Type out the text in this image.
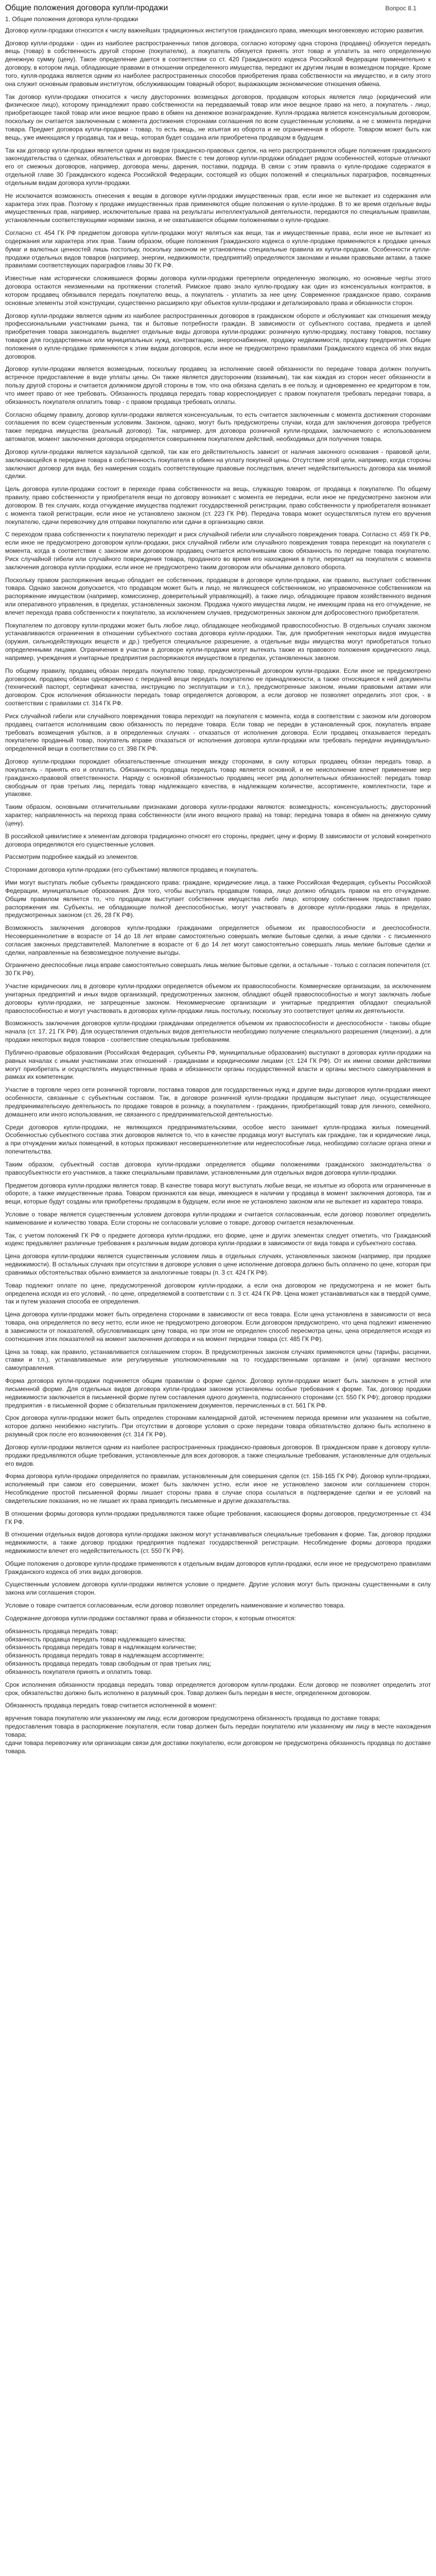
Общие положения договора купли-продажи	Вопрос 8.1
1. Общие положения договора купли-продажи

Договор купли-продажи относится к числу важнейших традиционных институтов гражданского права, имеющих многовековую историю развития.

Договор купли-продажи - один из наиболее распространенных типов договора, согласно которому одна сторона (продавец) обязуется передать вещь (товар) в собственность другой стороне (покупателю), а покупатель обязуется принять этот товар и уплатить за него определенную денежную сумму (цену). Такое определение дается в соответствии со ст. 420 Гражданского кодекса Российской Федерации применительно к договору, в котором лица, обладающие правами в отношении определенного имущества, передают их другим лицам в возмездном порядке. Кроме того, купля-продажа является одним из наиболее распространенных способов приобретения права собственности на имущество, и в силу этого она служит основным правовым институтом, обслуживающим товарный оборот, выражающим экономические отношения обмена.

Так договор купли-продажи относится к числу двусторонних возмездных договоров, продавцом которых является лицо (юридический или физическое лицо), которому принадлежит право собственности на передаваемый товар или иное вещное право на него, а покупатель - лицо, приобретающее такой товар или иное вещное право в обмен на денежное вознаграждение. Купля-продажа является консенсуальным договором, поскольку он считается заключенным с момента достижения сторонами соглашения по всем существенным условиям, а не с момента передачи товара. Предмет договора купли-продажи - товар, то есть вещь, не изъятая из оборота и не ограниченная в обороте. Товаром может быть как вещь, уже имеющаяся у продавца, так и вещь, которая будет создана или приобретена продавцом в будущем.

Так как договор купли-продажи является одним из видов гражданско-правовых сделок, на него распространяются общие положения гражданского законодательства о сделках, обязательствах и договорах. Вместе с тем договор купли-продажи обладает рядом особенностей, которые отличают его от смежных договоров, например, договора мены, дарения, поставки, подряда. В связи с этим правила о купле-продаже содержатся в отдельной главе 30 Гражданского кодекса Российской Федерации, состоящей из общих положений и специальных параграфов, посвященных отдельным видам договора купли-продажи.

Не исключается возможность отнесения к вещам в договоре купли-продажи имущественных прав, если иное не вытекает из содержания или характера этих прав. Поэтому к продаже имущественных прав применяются общие положения о купле-продаже. В то же время отдельные виды имущественных прав, например, исключительные права на результаты интеллектуальной деятельности, передаются по специальным правилам, установленным соответствующими нормами закона, и не охватываются общими положениями о купле-продаже.

Согласно ст. 454 ГК РФ предметом договора купли-продажи могут являться как вещи, так и имущественные права, если иное не вытекает из содержания или характера этих прав. Таким образом, общие положения Гражданского кодекса о купле-продаже применяются к продаже ценных бумаг и валютных ценностей лишь постольку, поскольку законом не установлены специальные правила их купли-продажи. Особенности купли-продажи отдельных видов товаров (например, энергии, недвижимости, предприятий) определяются законами и иными правовыми актами, а также правилами соответствующих параграфов главы 30 ГК РФ.

Известные нам исторически сложившиеся формы договора купли-продажи претерпели определенную эволюцию, но основные черты этого договора остаются неизменными на протяжении столетий. Римское право знало куплю-продажу как один из консенсуальных контрактов, в котором продавец обязывался передать покупателю вещь, а покупатель - уплатить за нее цену. Современное гражданское право, сохранив основные элементы этой конструкции, существенно расширило круг объектов купли-продажи и детализировало права и обязанности сторон.

Договор купли-продажи является одним из наиболее распространенных договоров в гражданском обороте и обслуживает как отношения между профессиональными участниками рынка, так и бытовые потребности граждан. В зависимости от субъектного состава, предмета и целей приобретения товара законодатель выделяет отдельные виды договора купли-продажи: розничную куплю-продажу, поставку товаров, поставку товаров для государственных или муниципальных нужд, контрактацию, энергоснабжение, продажу недвижимости, продажу предприятия. Общие положения о купле-продаже применяются к этим видам договоров, если иное не предусмотрено правилами Гражданского кодекса об этих видах договоров.

Договор купли-продажи является возмездным, поскольку продавец за исполнение своей обязанности по передаче товара должен получить встречное предоставление в виде уплаты цены. Он также является двусторонним (взаимным), так как каждая из сторон несет обязанности в пользу другой стороны и считается должником другой стороны в том, что она обязана сделать в ее пользу, и одновременно ее кредитором в том, что имеет право от нее требовать. Обязанность продавца передать товар корреспондирует с правом покупателя требовать передачи товара, а обязанность покупателя оплатить товар - с правом продавца требовать оплаты.

Согласно общему правилу, договор купли-продажи является консенсуальным, то есть считается заключенным с момента достижения сторонами соглашения по всем существенным условиям. Законом, однако, могут быть предусмотрены случаи, когда для заключения договора требуется также передача имущества (реальный договор). Так, например, для договора розничной купли-продажи, заключаемого с использованием автоматов, момент заключения договора определяется совершением покупателем действий, необходимых для получения товара.

Договор купли-продажи является каузальной сделкой, так как его действительность зависит от наличия законного основания - правовой цели, заключающейся в передаче товара в собственность покупателя в обмен на уплату покупной цены. Отсутствие этой цели, например, когда стороны заключают договор для вида, без намерения создать соответствующие правовые последствия, влечет недействительность договора как мнимой сделки.

Цель договора купли-продажи состоит в переходе права собственности на вещь, служащую товаром, от продавца к покупателю. По общему правилу, право собственности у приобретателя вещи по договору возникает с момента ее передачи, если иное не предусмотрено законом или договором. В тех случаях, когда отчуждение имущества подлежит государственной регистрации, право собственности у приобретателя возникает с момента такой регистрации, если иное не установлено законом (ст. 223 ГК РФ). Передача товара может осуществляться путем его вручения покупателю, сдачи перевозчику для отправки покупателю или сдачи в организацию связи.

С переходом права собственности к покупателю переходит и риск случайной гибели или случайного повреждения товара. Согласно ст. 459 ГК РФ, если иное не предусмотрено договором купли-продажи, риск случайной гибели или случайного повреждения товара переходит на покупателя с момента, когда в соответствии с законом или договором продавец считается исполнившим свою обязанность по передаче товара покупателю. Риск случайной гибели или случайного повреждения товара, проданного во время его нахождения в пути, переходит на покупателя с момента заключения договора купли-продажи, если иное не предусмотрено таким договором или обычаями делового оборота.

Поскольку правом распоряжения вещью обладает ее собственник, продавцом в договоре купли-продажи, как правило, выступает собственник товара. Однако законом допускается, что продавцом может быть и лицо, не являющееся собственником, но управомоченное собственником на распоряжение имуществом (например, комиссионер, доверительный управляющий), а также лицо, обладающее правом хозяйственного ведения или оперативного управления, в пределах, установленных законом. Продажа чужого имущества лицом, не имеющим права на его отчуждение, не влечет перехода права собственности к покупателю, за исключением случаев, предусмотренных законом для добросовестного приобретателя.

Покупателем по договору купли-продажи может быть любое лицо, обладающее необходимой правоспособностью. В отдельных случаях законом устанавливаются ограничения в отношении субъектного состава договора купли-продажи. Так, для приобретения некоторых видов имущества (оружия, сильнодействующих веществ и др.) требуется специальное разрешение, а отдельные виды имущества могут приобретаться только определенными лицами. Ограничения в участии в договоре купли-продажи могут вытекать также из правового положения юридического лица, например, учреждения и унитарные предприятия распоряжаются имуществом в пределах, установленных законом.

По общему правилу, продавец обязан передать покупателю товар, предусмотренный договором купли-продажи. Если иное не предусмотрено договором, продавец обязан одновременно с передачей вещи передать покупателю ее принадлежности, а также относящиеся к ней документы (технический паспорт, сертификат качества, инструкцию по эксплуатации и т.п.), предусмотренные законом, иными правовыми актами или договором. Срок исполнения обязанности передать товар определяется договором, а если договор не позволяет определить этот срок, - в соответствии с правилами ст. 314 ГК РФ.

Риск случайной гибели или случайного повреждения товара переходит на покупателя с момента, когда в соответствии с законом или договором продавец считается исполнившим свою обязанность по передаче товара. Если товар не передан в установленный срок, покупатель вправе требовать возмещения убытков, а в определенных случаях - отказаться от исполнения договора. Если продавец отказывается передать покупателю проданный товар, покупатель вправе отказаться от исполнения договора купли-продажи или требовать передачи индивидуально-определенной вещи в соответствии со ст. 398 ГК РФ.

Договор купли-продажи порождает обязательственные отношения между сторонами, в силу которых продавец обязан передать товар, а покупатель - принять его и оплатить. Обязанность продавца передать товар является основной, и ее неисполнение влечет применение мер гражданско-правовой ответственности. Наряду с основной обязанностью продавец несет ряд дополнительных обязанностей: передать товар свободным от прав третьих лиц, передать товар надлежащего качества, в надлежащем количестве, ассортименте, комплектности, таре и упаковке.

Таким образом, основными отличительными признаками договора купли-продажи являются: возмездность; консенсуальность; двусторонний характер; направленность на переход права собственности (или иного вещного права) на товар; передача товара в обмен на денежную сумму (цену).

В российской цивилистике к элементам договора традиционно относят его стороны, предмет, цену и форму. В зависимости от условий конкретного договора определяются его существенные условия.

Рассмотрим подробнее каждый из элементов.

Сторонами договора купли-продажи (его субъектами) являются продавец и покупатель.

Ими могут выступать любые субъекты гражданского права: граждане, юридические лица, а также Российская Федерация, субъекты Российской Федерации, муниципальные образования. Для того, чтобы выступать продавцом товара, лицо должно обладать правом на его отчуждение. Общим правилом является то, что продавцом выступает собственник имущества либо лицо, которому собственник предоставил право распоряжения им. Субъекты, не обладающие полной дееспособностью, могут участвовать в договоре купли-продажи лишь в пределах, предусмотренных законом (ст. 26, 28 ГК РФ).

Возможность заключения договоров купли-продажи гражданами определяется объемом их правоспособности и дееспособности. Несовершеннолетние в возрасте от 14 до 18 лет вправе самостоятельно совершать мелкие бытовые сделки, а иные сделки - с письменного согласия законных представителей. Малолетние в возрасте от 6 до 14 лет могут самостоятельно совершать лишь мелкие бытовые сделки и сделки, направленные на безвозмездное получение выгоды.

Ограничено дееспособные лица вправе самостоятельно совершать лишь мелкие бытовые сделки, а остальные - только с согласия попечителя (ст. 30 ГК РФ).

Участие юридических лиц в договоре купли-продажи определяется объемом их правоспособности. Коммерческие организации, за исключением унитарных предприятий и иных видов организаций, предусмотренных законом, обладают общей правоспособностью и могут заключать любые договоры купли-продажи, не запрещенные законом. Некоммерческие организации и унитарные предприятия обладают специальной правоспособностью и могут участвовать в договорах купли-продажи лишь постольку, поскольку это соответствует целям их деятельности.

Возможность заключения договоров купли-продажи гражданами определяется объемом их правоспособности и дееспособности - таковы общие начала (ст. 17, 21 ГК РФ). Для осуществления отдельных видов деятельности необходимо получение специального разрешения (лицензии), а для продажи некоторых видов товаров - соответствие специальным требованиям.

Публично-правовые образования (Российская Федерация, субъекты РФ, муниципальные образования) выступают в договорах купли-продажи на равных началах с иными участниками этих отношений - гражданами и юридическими лицами (ст. 124 ГК РФ). От их имени своими действиями могут приобретать и осуществлять имущественные права и обязанности органы государственной власти и органы местного самоуправления в рамках их компетенции.

Участие в торговле через сети розничной торговли, поставка товаров для государственных нужд и другие виды договоров купли-продажи имеют особенности, связанные с субъектным составом. Так, в договоре розничной купли-продажи продавцом выступает лицо, осуществляющее предпринимательскую деятельность по продаже товаров в розницу, а покупателем - гражданин, приобретающий товар для личного, семейного, домашнего или иного использования, не связанного с предпринимательской деятельностью.

Среди договоров купли-продажи, не являющихся предпринимательскими, особое место занимает купля-продажа жилых помещений. Особенностью субъектного состава этих договоров является то, что в качестве продавца могут выступать как граждане, так и юридические лица, а при отчуждении жилых помещений, в которых проживают несовершеннолетние или недееспособные лица, необходимо согласие органа опеки и попечительства.

Таким образом, субъектный состав договора купли-продажи определяется общими положениями гражданского законодательства о правосубъектности его участников, а также специальными правилами, установленными для отдельных видов договора купли-продажи.

Предметом договора купли-продажи является товар. В качестве товара могут выступать любые вещи, не изъятые из оборота или ограниченные в обороте, а также имущественные права. Товаром признаются как вещи, имеющиеся в наличии у продавца в момент заключения договора, так и вещи, которые будут созданы или приобретены продавцом в будущем, если иное не установлено законом или не вытекает из характера товара.

Условие о товаре является существенным условием договора купли-продажи и считается согласованным, если договор позволяет определить наименование и количество товара. Если стороны не согласовали условие о товаре, договор считается незаключенным.

Так, с учетом положений ГК РФ о предмете договора купли-продажи, его форме, цене и других элементах следует отметить, что Гражданский кодекс предъявляет различные требования к различным видам договора купли-продажи в зависимости от вида товара и субъектного состава.

Цена договора купли-продажи является существенным условием лишь в отдельных случаях, установленных законом (например, при продаже недвижимости). В остальных случаях при отсутствии в договоре условия о цене исполнение договора должно быть оплачено по цене, которая при сравнимых обстоятельствах обычно взимается за аналогичные товары (п. 3 ст. 424 ГК РФ).

Товар подлежит оплате по цене, предусмотренной договором купли-продажи, а если она договором не предусмотрена и не может быть определена исходя из его условий, - по цене, определяемой в соответствии с п. 3 ст. 424 ГК РФ. Цена может устанавливаться как в твердой сумме, так и путем указания способа ее определения.

Цена договора купли-продажи может быть определена сторонами в зависимости от веса товара. Если цена установлена в зависимости от веса товара, она определяется по весу нетто, если иное не предусмотрено договором. Если договором предусмотрено, что цена подлежит изменению в зависимости от показателей, обусловливающих цену товара, но при этом не определен способ пересмотра цены, цена определяется исходя из соотношения этих показателей на момент заключения договора и на момент передачи товара (ст. 485 ГК РФ).

Цена за товар, как правило, устанавливается соглашением сторон. В предусмотренных законом случаях применяются цены (тарифы, расценки, ставки и т.п.), устанавливаемые или регулируемые уполномоченными на то государственными органами и (или) органами местного самоуправления.

Форма договора купли-продажи подчиняется общим правилам о форме сделок. Договор купли-продажи может быть заключен в устной или письменной форме. Для отдельных видов договора купли-продажи законом установлены особые требования к форме. Так, договор продажи недвижимости заключается в письменной форме путем составления одного документа, подписанного сторонами (ст. 550 ГК РФ); договор продажи предприятия - в письменной форме с обязательным приложением документов, перечисленных в ст. 561 ГК РФ.

Срок договора купли-продажи может быть определен сторонами календарной датой, истечением периода времени или указанием на событие, которое должно неизбежно наступить. При отсутствии в договоре условия о сроке передачи товара обязательство должно быть исполнено в разумный срок после его возникновения (ст. 314 ГК РФ).

Договор купли-продажи является одним из наиболее распространенных гражданско-правовых договоров. В гражданском праве к договору купли-продажи предъявляются общие требования, установленные для всех договоров, а также специальные требования, установленные для отдельных его видов.

Форма договора купли-продажи определяется по правилам, установленным для совершения сделок (ст. 158-165 ГК РФ). Договор купли-продажи, исполняемый при самом его совершении, может быть заключен устно, если иное не установлено законом или соглашением сторон. Несоблюдение простой письменной формы лишает стороны права в случае спора ссылаться в подтверждение сделки и ее условий на свидетельские показания, но не лишает их права приводить письменные и другие доказательства.

В отношении формы договора купли-продажи предъявляются также общие требования, касающиеся формы договоров, предусмотренные ст. 434 ГК РФ.

В отношении отдельных видов договора купли-продажи законом могут устанавливаться специальные требования к форме. Так, договор продажи недвижимости, а также договор продажи предприятия подлежат государственной регистрации. Несоблюдение формы договора продажи недвижимости влечет его недействительность (ст. 550 ГК РФ).

Общие положения о договоре купли-продаже применяются к отдельным видам договоров купли-продажи, если иное не предусмотрено правилами Гражданского кодекса об этих видах договоров.

Существенным условием договора купли-продажи является условие о предмете. Другие условия могут быть признаны существенными в силу закона или соглашения сторон.

Условие о товаре считается согласованным, если договор позволяет определить наименование и количество товара.

Содержание договора купли-продажи составляют права и обязанности сторон, к которым относятся:

обязанность продавца передать товар;
обязанность продавца передать товар надлежащего качества;
обязанность продавца передать товар в надлежащем количестве;
обязанность продавца передать товар в надлежащем ассортименте;
обязанность продавца передать товар свободным от прав третьих лиц;
обязанность покупателя принять и оплатить товар.

Срок исполнения обязанности продавца передать товар определяется договором купли-продажи. Если договор не позволяет определить этот срок, обязательство должно быть исполнено в разумный срок. Товар должен быть передан в месте, определенном договором.

Обязанность продавца передать товар считается исполненной в момент:

вручения товара покупателю или указанному им лицу, если договором предусмотрена обязанность продавца по доставке товара;
предоставления товара в распоряжение покупателя, если товар должен быть передан покупателю или указанному им лицу в месте нахождения товара;
сдачи товара перевозчику или организации связи для доставки покупателю, если договором не предусмотрена обязанность продавца по доставке товара.
